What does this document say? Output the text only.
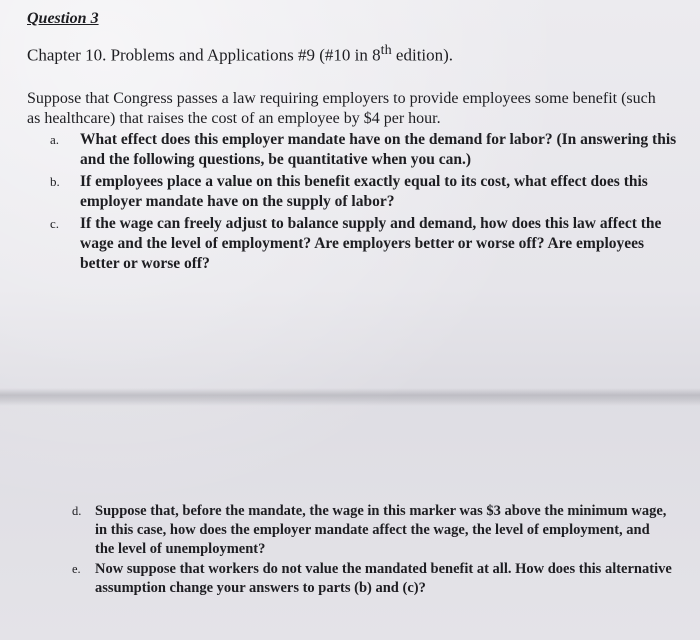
Question 3

Chapter 10. Problems and Applications #9 (#10 in 8th edition).

Suppose that Congress passes a law requiring employers to provide employees some benefit (such as healthcare) that raises the cost of an employee by $4 per hour.

a. What effect does this employer mandate have on the demand for labor? (In answering this and the following questions, be quantitative when you can.)
b. If employees place a value on this benefit exactly equal to its cost, what effect does this employer mandate have on the supply of labor?
c. If the wage can freely adjust to balance supply and demand, how does this law affect the wage and the level of employment? Are employers better or worse off? Are employees better or worse off?
d. Suppose that, before the mandate, the wage in this marker was $3 above the minimum wage, in this case, how does the employer mandate affect the wage, the level of employment, and the level of unemployment?
e. Now suppose that workers do not value the mandated benefit at all. How does this alternative assumption change your answers to parts (b) and (c)?
